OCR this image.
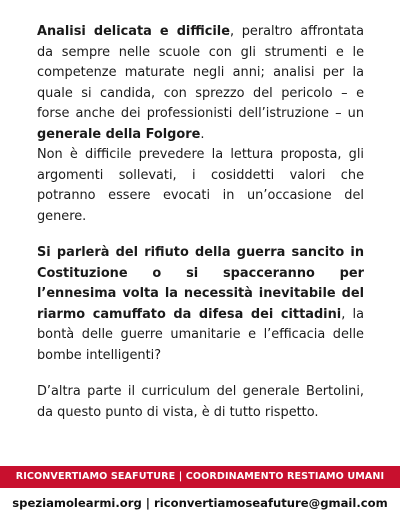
Analisi delicata e difficile, peraltro affrontata da sempre nelle scuole con gli strumenti e le competenze maturate negli anni; analisi per la quale si candida, con sprezzo del pericolo – e forse anche dei professionisti dell’istruzione – un generale della Folgore.

Non è difficile prevedere la lettura proposta, gli argomenti sollevati, i cosiddetti valori che potranno essere evocati in un’occasione del genere.

Si parlerà del rifiuto della guerra sancito in Costituzione o si spacceranno per l’ennesima volta la necessità inevitabile del riarmo camuffato da difesa dei cittadini, la bontà delle guerre umanitarie e l’efficacia delle bombe intelligenti?

D’altra parte il curriculum del generale Bertolini, da questo punto di vista, è di tutto rispetto.

RICONVERTIAMO SEAFUTURE | COORDINAMENTO RESTIAMO UMANI
speziamolearmi.org | riconvertiamoseafuture@gmail.com
